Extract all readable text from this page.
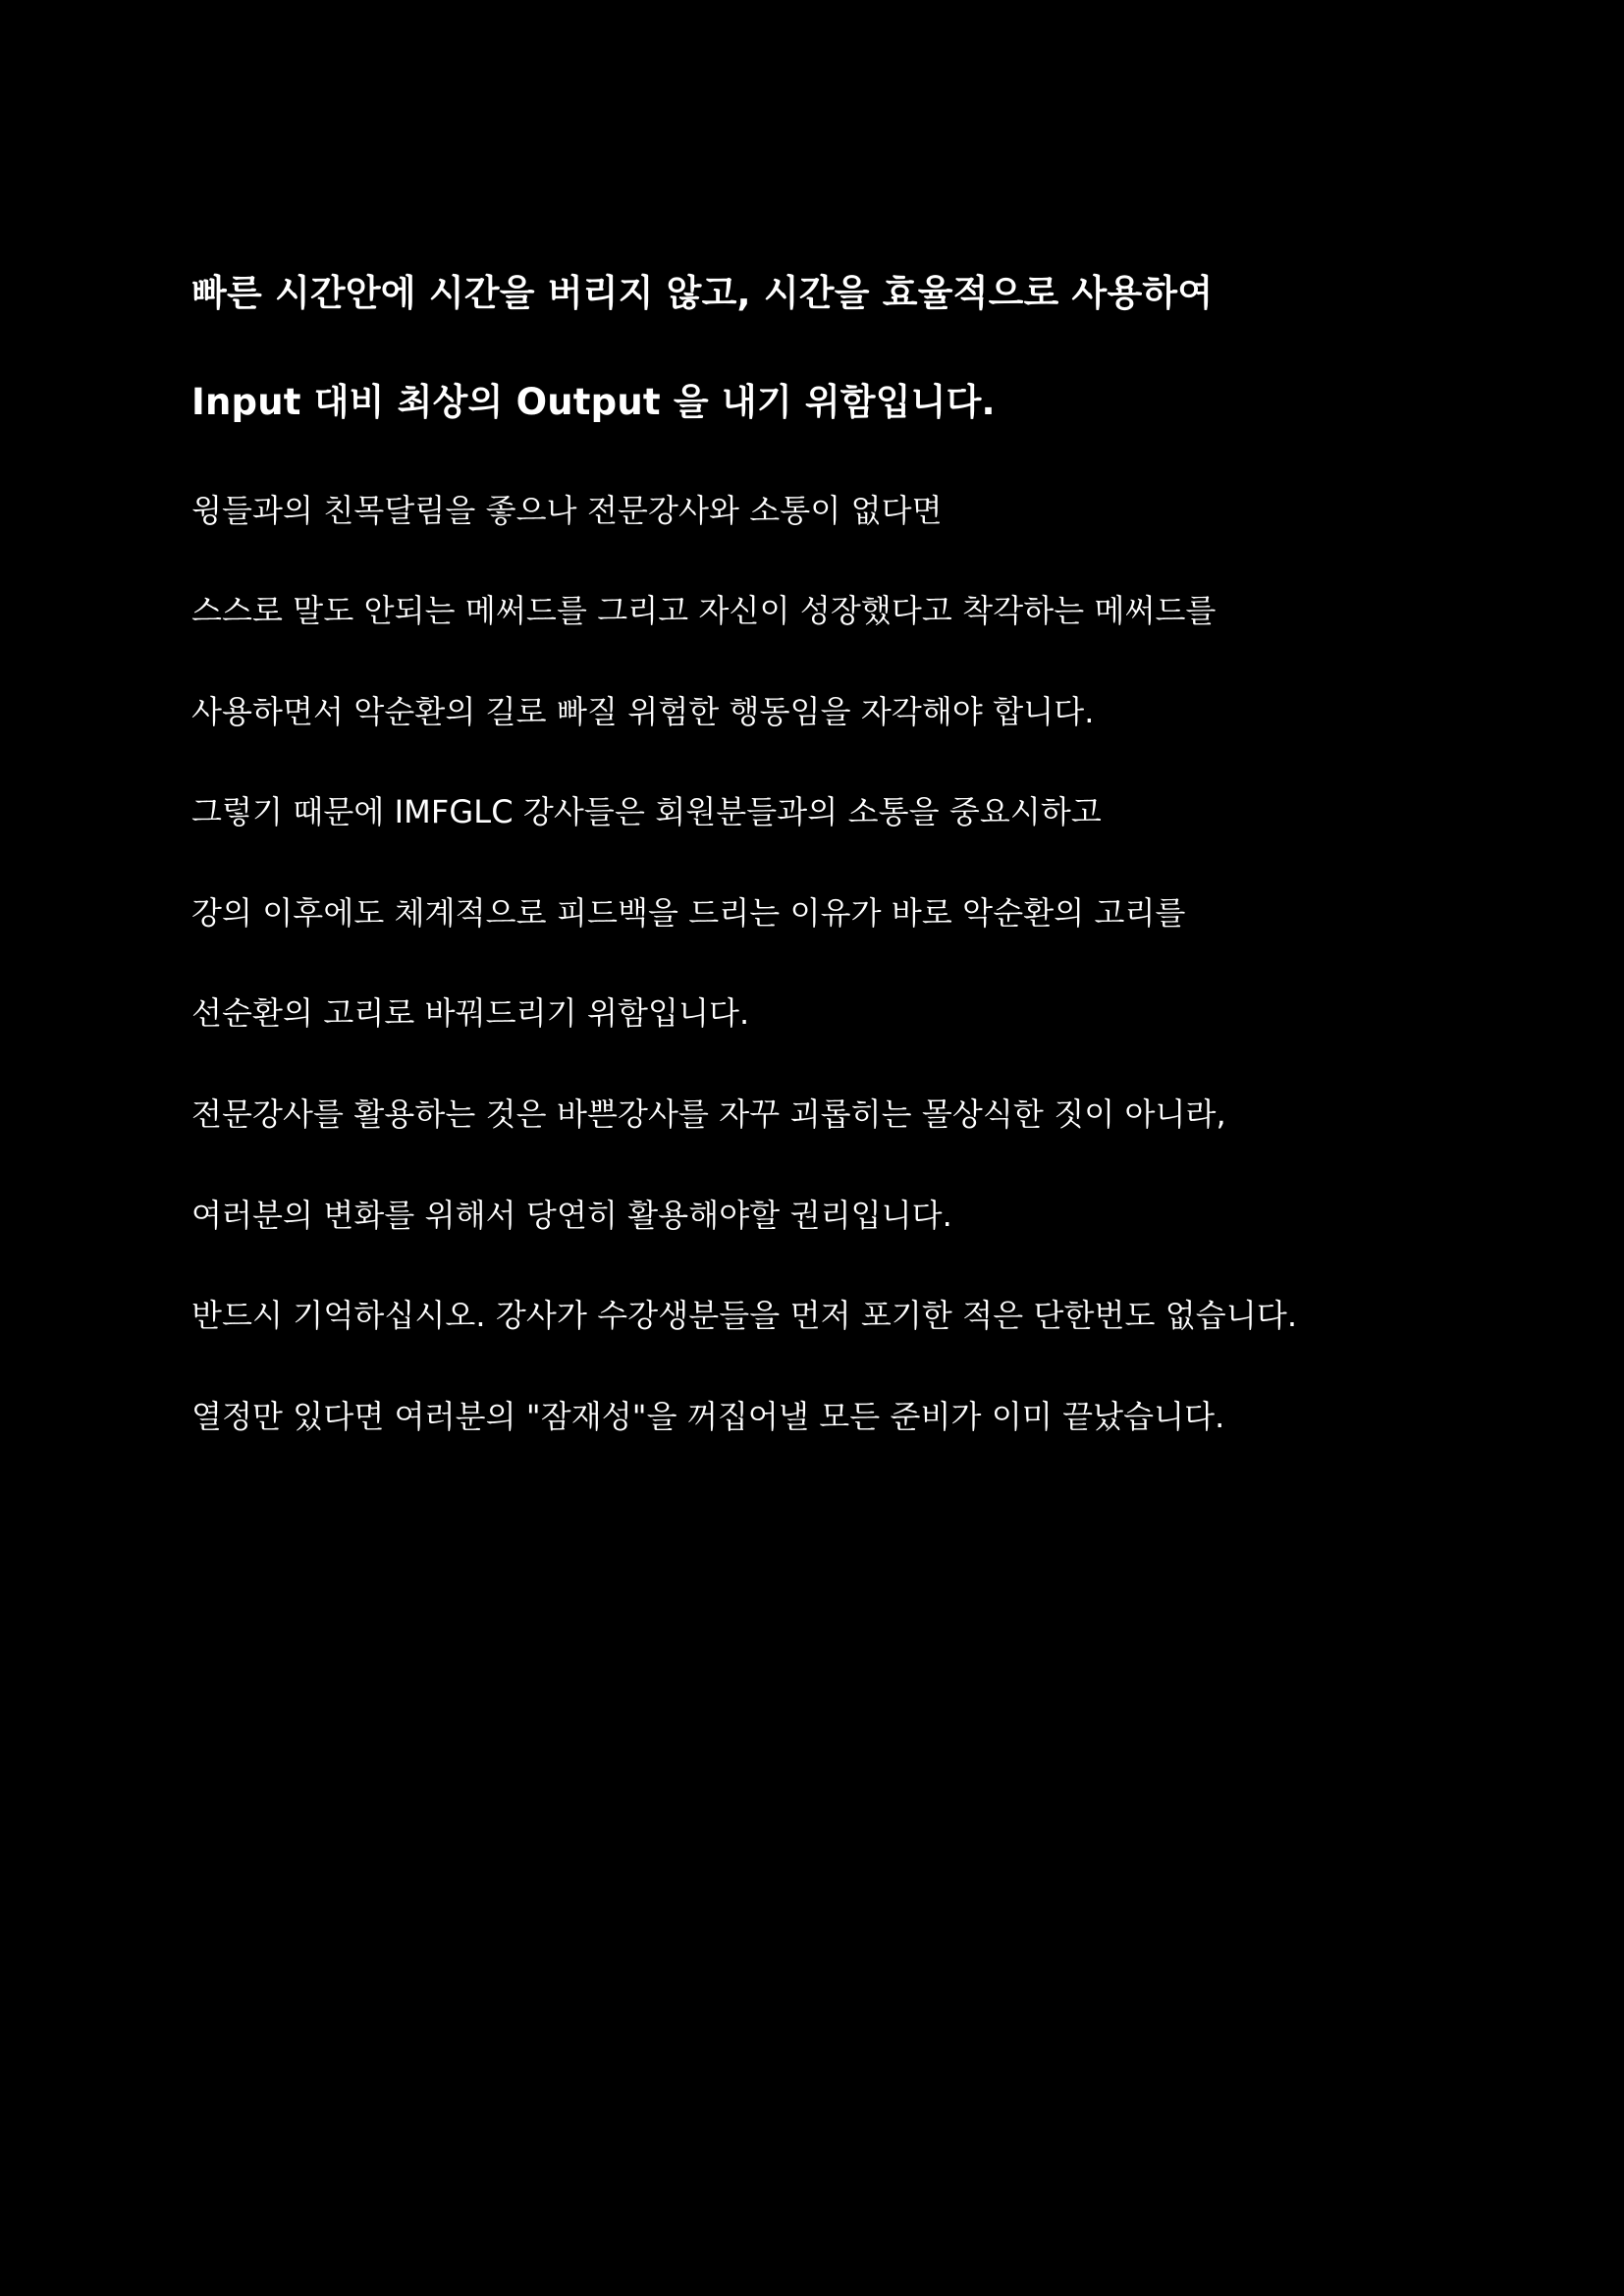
빠른 시간안에 시간을 버리지 않고, 시간을 효율적으로 사용하여

Input 대비 최상의 Output 을 내기 위함입니다.

윙들과의 친목달림을 좋으나 전문강사와 소통이 없다면

스스로 말도 안되는 메써드를 그리고 자신이 성장했다고 착각하는 메써드를

사용하면서 악순환의 길로 빠질 위험한 행동임을 자각해야 합니다.

그렇기 때문에 IMFGLC 강사들은 회원분들과의 소통을 중요시하고

강의 이후에도 체계적으로 피드백을 드리는 이유가 바로 악순환의 고리를

선순환의 고리로 바꿔드리기 위함입니다.

전문강사를 활용하는 것은 바쁜강사를 자꾸 괴롭히는 몰상식한 짓이 아니라,

여러분의 변화를 위해서 당연히 활용해야할 권리입니다.

반드시 기억하십시오. 강사가 수강생분들을 먼저 포기한 적은 단한번도 없습니다.

열정만 있다면 여러분의 "잠재성"을 꺼집어낼 모든 준비가 이미 끝났습니다.
